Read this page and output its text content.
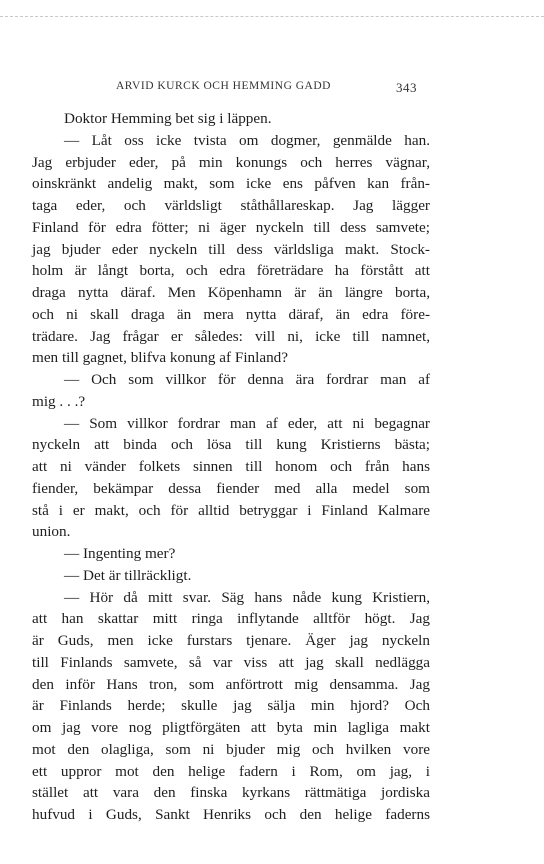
ARVID KURCK OCH HEMMING GADD	343
Doktor Hemming bet sig i läppen.
— Låt oss icke tvista om dogmer, genmälde han.
Jag erbjuder eder, på min konungs och herres vägnar,
oinskränkt andelig makt, som icke ens påfven kan från-
taga eder, och världsligt ståthållareskap. Jag lägger
Finland för edra fötter; ni äger nyckeln till dess samvete;
jag bjuder eder nyckeln till dess världsliga makt. Stock-
holm är långt borta, och edra företrädare ha förstått att
draga nytta däraf. Men Köpenhamn är än längre borta,
och ni skall draga än mera nytta däraf, än edra före-
trädare. Jag frågar er således: vill ni, icke till namnet,
men till gagnet, blifva konung af Finland?
— Och som villkor för denna ära fordrar man af
mig . . .?
— Som villkor fordrar man af eder, att ni begagnar
nyckeln att binda och lösa till kung Kristierns bästa;
att ni vänder folkets sinnen till honom och från hans
fiender, bekämpar dessa fiender med alla medel som
stå i er makt, och för alltid betryggar i Finland Kalmare
union.
— Ingenting mer?
— Det är tillräckligt.
— Hör då mitt svar. Säg hans nåde kung Kristiern,
att han skattar mitt ringa inflytande alltför högt. Jag
är Guds, men icke furstars tjenare. Äger jag nyckeln
till Finlands samvete, så var viss att jag skall nedlägga
den inför Hans tron, som anförtrott mig densamma. Jag
är Finlands herde; skulle jag sälja min hjord? Och
om jag vore nog pligtförgäten att byta min lagliga makt
mot den olagliga, som ni bjuder mig och hvilken vore
ett uppror mot den helige fadern i Rom, om jag, i
stället att vara den finska kyrkans rättmätiga jordiska
hufvud i Guds, Sankt Henriks och den helige faderns
